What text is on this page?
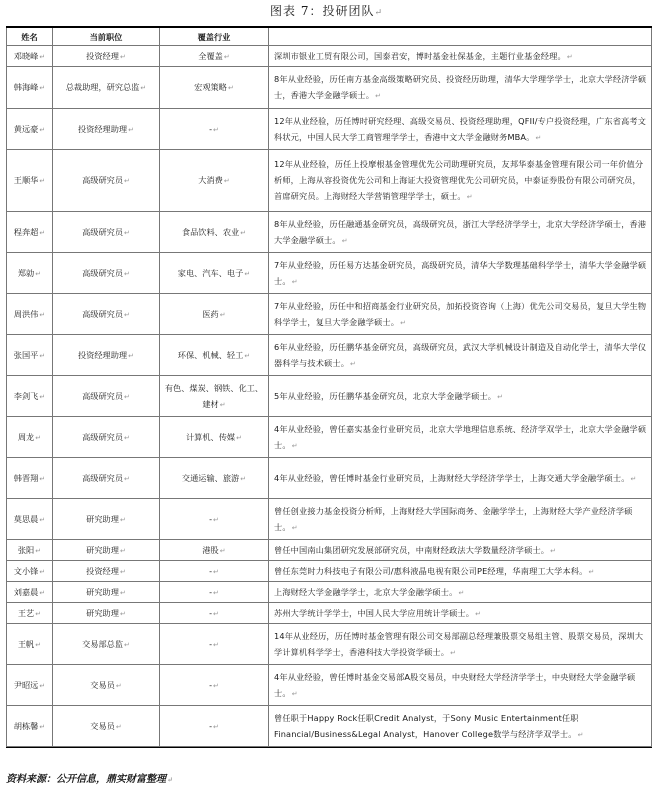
图表 7：投研团队↵
姓名	当前职位	覆盖行业	
邓晓峰↵	投资经理↵	全覆盖↵	深圳市银业工贸有限公司，国泰君安，博时基金社保基金，主题行业基金经理。↵
韩海峰↵	总裁助理，研究总监↵	宏观策略↵	8年从业经验，历任南方基金高级策略研究员、投资经历助理，清华大学理学学士，北京大学经济学硕士，香港大学金融学硕士。↵
黄远豪↵	投资经理助理↵	-↵	12年从业经验，历任博时研究经理、高级交易员、投资经理助理，QFII/专户投资经理，广东省高考文科状元，中国人民大学工商管理学学士，香港中文大学金融财务MBA。↵
王顺华↵	高级研究员↵	大消费↵	12年从业经验，历任上投摩根基金管理优先公司助理研究员，友邦华泰基金管理有限公司一年价值分析师，上海从容投资优先公司和上海证大投资管理优先公司研究员，中泰证券股份有限公司研究员，首席研究员。上海财经大学营销管理学学士，硕士。↵
程奔超↵	高级研究员↵	食品饮料、农业↵	8年从业经验，历任融通基金研究员，高级研究员，浙江大学经济学学士，北京大学经济学硕士，香港大学金融学硕士。↵
郑勍↵	高级研究员↵	家电、汽车、电子↵	7年从业经验，历任易方达基金研究员，高级研究员，清华大学数理基础科学学士，清华大学金融学硕士。↵
周洪伟↵	高级研究员↵	医药↵	7年从业经验，历任中和招商基金行业研究员，加拓投资咨询（上海）优先公司交易员，复旦大学生物科学学士，复旦大学金融学硕士。↵
张国平↵	投资经理助理↵	环保、机械、轻工↵	6年从业经验，历任鹏华基金研究员，高级研究员，武汉大学机械设计制造及自动化学士，清华大学仪器科学与技术硕士。↵
李剑飞↵	高级研究员↵	有色、煤炭、钢铁、化工、建材↵	5年从业经验，历任鹏华基金研究员，北京大学金融学硕士。↵
周龙↵	高级研究员↵	计算机、传媒↵	4年从业经验，曾任嘉实基金行业研究员，北京大学地理信息系统、经济学双学士，北京大学金融学硕士。↵
韩晋翔↵	高级研究员↵	交通运输、旅游↵	4年从业经验，曾任博时基金行业研究员，上海财经大学经济学学士，上海交通大学金融学硕士。↵
莫思晨↵	研究助理↵	-↵	曾任创业接力基金投资分析师，上海财经大学国际商务、金融学学士，上海财经大学产业经济学硕士。↵
张阳↵	研究助理↵	港股↵	曾任中国南山集团研究发展部研究员，中南财经政法大学数量经济学硕士。↵
文小锋↵	投资经理↵	-↵	曾任东莞时力科技电子有限公司/惠科液晶电视有限公司PE经理，华南理工大学本科。↵
刘嘉晨↵	研究助理↵	-↵	上海财经大学金融学学士，北京大学金融学硕士。↵
王艺↵	研究助理↵	-↵	苏州大学统计学学士，中国人民大学应用统计学硕士。↵
王帆↵	交易部总监↵	-↵	14年从业经历，历任博时基金管理有限公司交易部副总经理兼股票交易组主管、股票交易员，深圳大学计算机科学学士，香港科技大学投资学硕士。↵
尹昭远↵	交易员↵	-↵	4年从业经验，曾任博时基金交易部A股交易员，中央财经大学经济学学士，中央财经大学金融学硕士。↵
胡栋馨↵	交易员↵	-↵	曾任职于Happy Rock任职Credit Analyst，于Sony Music Entertainment任职Financial/Business&Legal Analyst，Hanover College数学与经济学双学士。↵
资料来源：公开信息，鼎实财富整理↵
